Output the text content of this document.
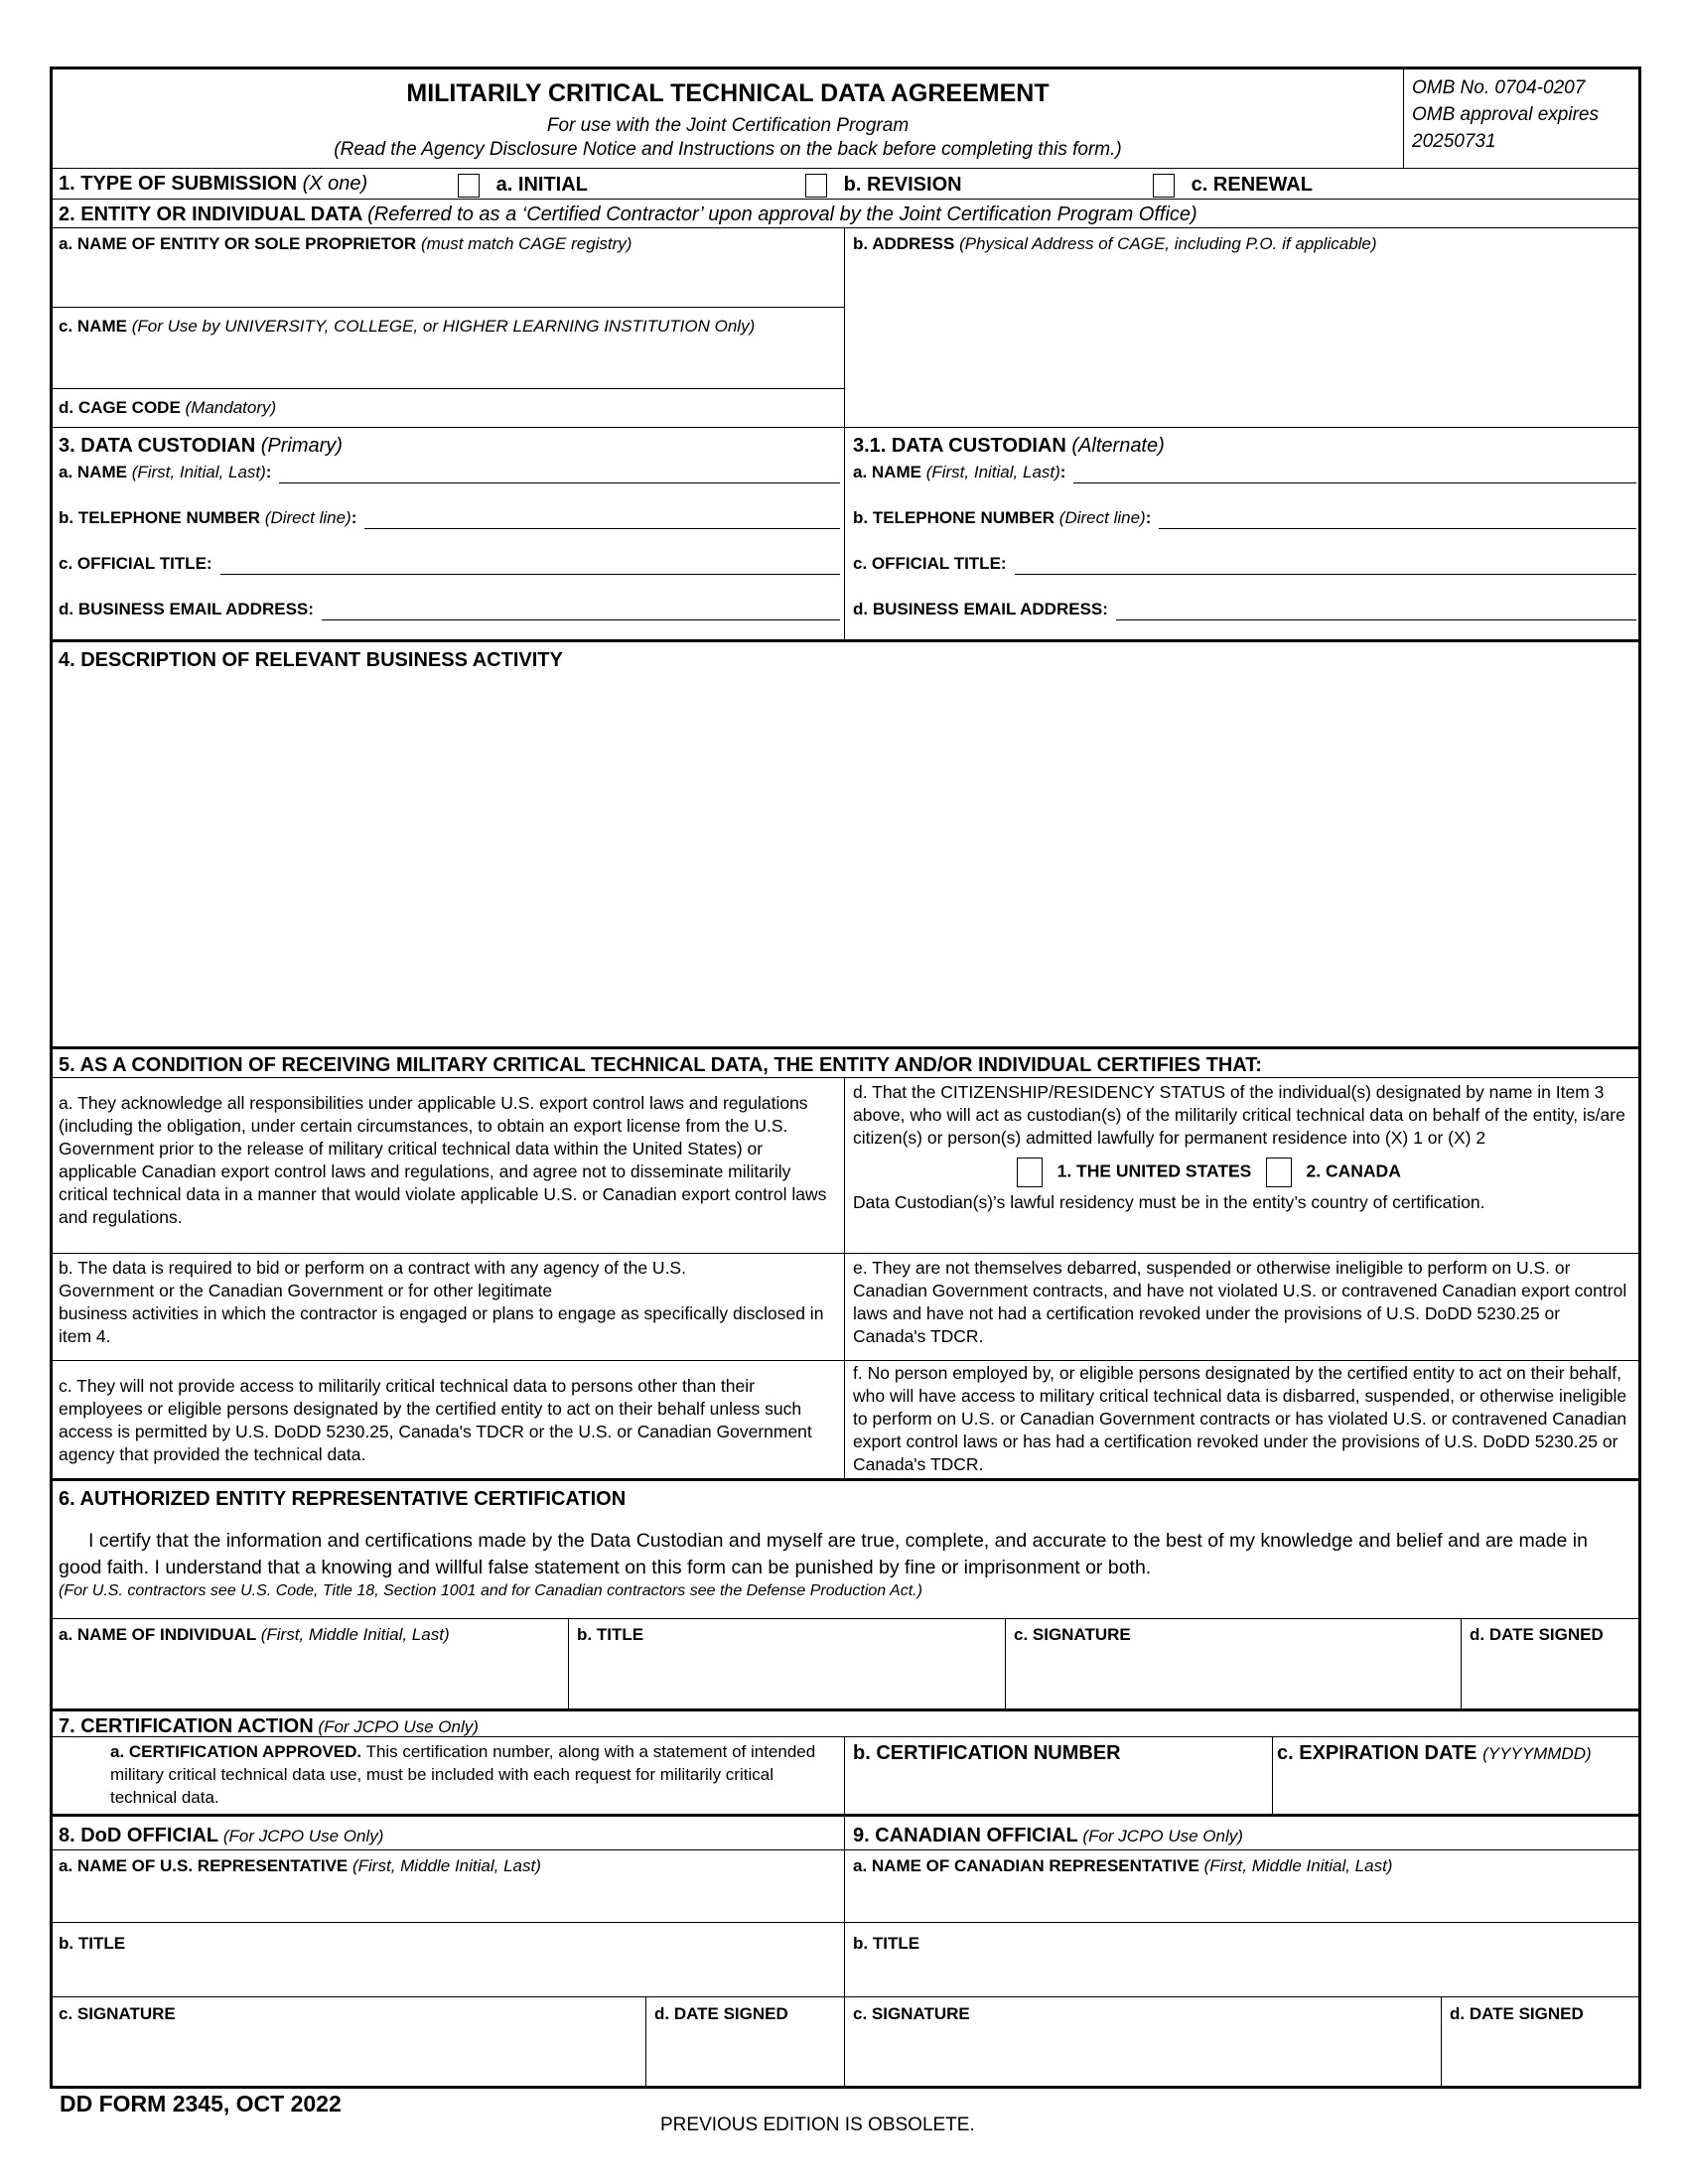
MILITARILY CRITICAL TECHNICAL DATA AGREEMENT
For use with the Joint Certification Program
(Read the Agency Disclosure Notice and Instructions on the back before completing this form.)
OMB No. 0704-0207
OMB approval expires
20250731
1. TYPE OF SUBMISSION (X one)	a. INITIAL	b. REVISION	c. RENEWAL
2. ENTITY OR INDIVIDUAL DATA (Referred to as a ‘Certified Contractor’ upon approval by the Joint Certification Program Office)
a. NAME OF ENTITY OR SOLE PROPRIETOR (must match CAGE registry)
c. NAME (For Use by UNIVERSITY, COLLEGE, or HIGHER LEARNING INSTITUTION Only)
d. CAGE CODE (Mandatory)
b. ADDRESS (Physical Address of CAGE, including P.O. if applicable)
3. DATA CUSTODIAN (Primary)
a. NAME (First, Initial, Last):
b. TELEPHONE NUMBER (Direct line):
c. OFFICIAL TITLE:
d. BUSINESS EMAIL ADDRESS:
3.1. DATA CUSTODIAN (Alternate)
a. NAME (First, Initial, Last):
b. TELEPHONE NUMBER (Direct line):
c. OFFICIAL TITLE:
d. BUSINESS EMAIL ADDRESS:
4. DESCRIPTION OF RELEVANT BUSINESS ACTIVITY
5. AS A CONDITION OF RECEIVING MILITARY CRITICAL TECHNICAL DATA, THE ENTITY AND/OR INDIVIDUAL CERTIFIES THAT:
a. They acknowledge all responsibilities under applicable U.S. export control laws and regulations (including the obligation, under certain circumstances, to obtain an export license from the U.S. Government prior to the release of military critical technical data within the United States) or applicable Canadian export control laws and regulations, and agree not to disseminate militarily critical technical data in a manner that would violate applicable U.S. or Canadian export control laws and regulations.
d. That the CITIZENSHIP/RESIDENCY STATUS of the individual(s) designated by name in Item 3 above, who will act as custodian(s) of the militarily critical technical data on behalf of the entity, is/are citizen(s) or person(s) admitted lawfully for permanent residence into (X) 1 or (X) 2
1. THE UNITED STATES	2. CANADA
Data Custodian(s)’s lawful residency must be in the entity’s country of certification.
b. The data is required to bid or perform on a contract with any agency of the U.S. Government or the Canadian Government or for other legitimate
business activities in which the contractor is engaged or plans to engage as specifically disclosed in item 4.
e. They are not themselves debarred, suspended or otherwise ineligible to perform on U.S. or Canadian Government contracts, and have not violated U.S. or contravened Canadian export control laws and have not had a certification revoked under the provisions of U.S. DoDD 5230.25 or Canada's TDCR.
c. They will not provide access to militarily critical technical data to persons other than their employees or eligible persons designated by the certified entity to act on their behalf unless such access is permitted by U.S. DoDD 5230.25, Canada's TDCR or the U.S. or Canadian Government agency that provided the technical data.
f. No person employed by, or eligible persons designated by the certified entity to act on their behalf, who will have access to military critical technical data is disbarred, suspended, or otherwise ineligible to perform on U.S. or Canadian Government contracts or has violated U.S. or contravened Canadian export control laws or has had a certification revoked under the provisions of U.S. DoDD 5230.25 or Canada's TDCR.
6. AUTHORIZED ENTITY REPRESENTATIVE CERTIFICATION
I certify that the information and certifications made by the Data Custodian and myself are true, complete, and accurate to the best of my knowledge and belief and are made in good faith. I understand that a knowing and willful false statement on this form can be punished by fine or imprisonment or both.
(For U.S. contractors see U.S. Code, Title 18, Section 1001 and for Canadian contractors see the Defense Production Act.)
a. NAME OF INDIVIDUAL (First, Middle Initial, Last)	b. TITLE	c. SIGNATURE	d. DATE SIGNED
7. CERTIFICATION ACTION (For JCPO Use Only)
a. CERTIFICATION APPROVED. This certification number, along with a statement of intended military critical technical data use, must be included with each request for militarily critical technical data.
b. CERTIFICATION NUMBER	c. EXPIRATION DATE (YYYYMMDD)
8. DoD OFFICIAL (For JCPO Use Only)	9. CANADIAN OFFICIAL (For JCPO Use Only)
a. NAME OF U.S. REPRESENTATIVE (First, Middle Initial, Last)	a. NAME OF CANADIAN REPRESENTATIVE (First, Middle Initial, Last)
b. TITLE	b. TITLE
c. SIGNATURE	d. DATE SIGNED	c. SIGNATURE	d. DATE SIGNED
DD FORM 2345, OCT 2022
PREVIOUS EDITION IS OBSOLETE.
